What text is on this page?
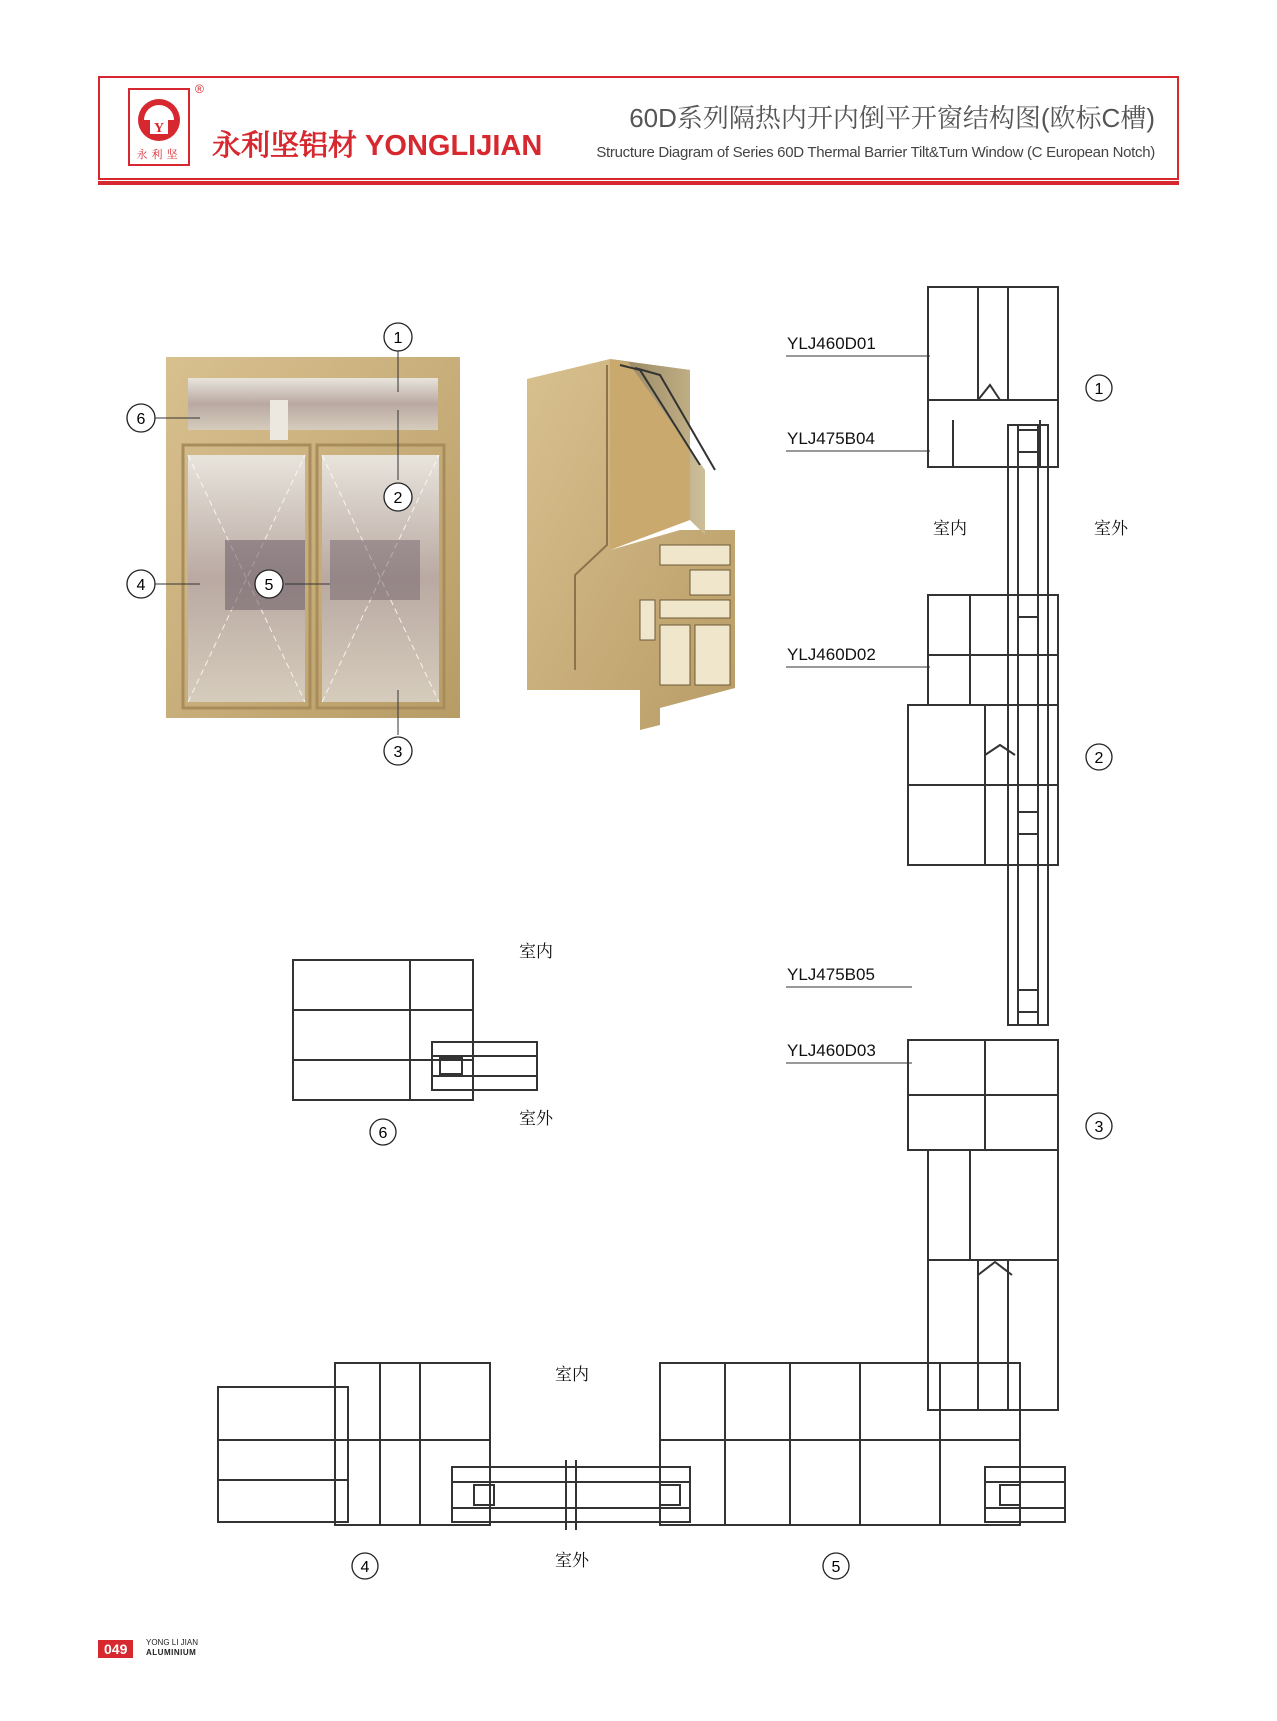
Y
永利坚
®
永利坚铝材 YONGLIJIAN
60D系列隔热内开内倒平开窗结构图(欧标C槽)
Structure Diagram of Series 60D Thermal Barrier Tilt&Turn Window (C European Notch)
1
6
2
4	5
3
YLJ460D01
YLJ475B04
YLJ460D02
YLJ475B05
YLJ460D03
室内	室外
1
2
3
室内
室外
6
室内
室外
4	5
049	YONG LI JIAN
ALUMINIUM
